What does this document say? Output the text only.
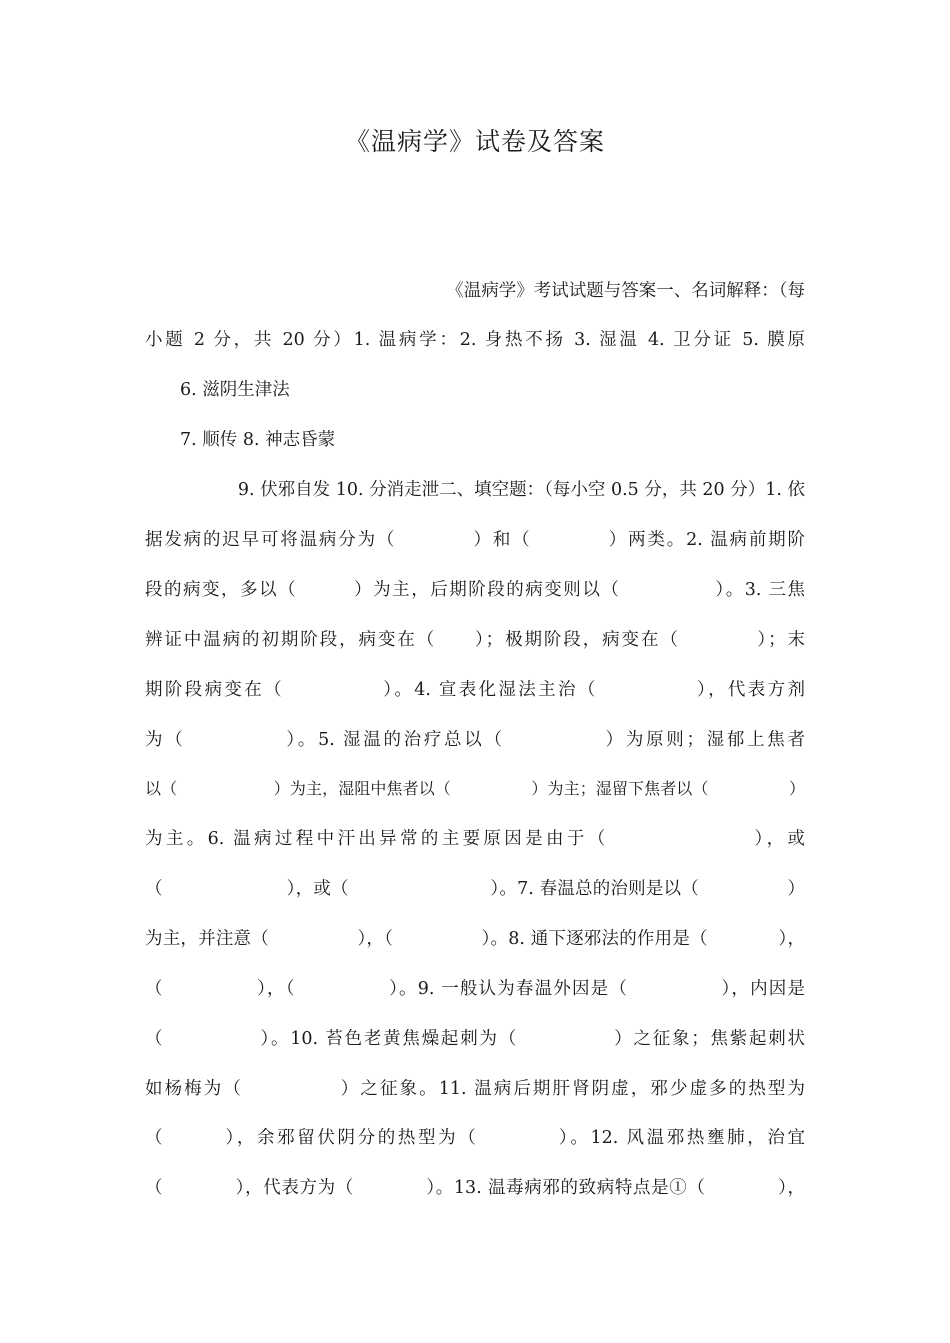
《温病学》试卷及答案

《温病学》考试试题与答案一、名词解释：（每

小题 2 分，共 20 分）1. 温病学：2. 身热不扬 3. 湿温 4. 卫分证 5. 膜原

6. 滋阴生津法

7. 顺传 8. 神志昏蒙

9. 伏邪自发 10. 分消走泄二、填空题：（每小空 0.5 分，共 20 分）1. 依

据发病的迟早可将温病分为（　　　　）和（　　　　）两类。2. 温病前期阶

段的病变，多以（　　　）为主，后期阶段的病变则以（　　　　　）。3. 三焦

辨证中温病的初期阶段，病变在（　　）；极期阶段，病变在（　　　　）；末

期阶段病变在（　　　　　）。4. 宣表化湿法主治（　　　　　），代表方剂

为（　　　　　）。5. 湿温的治疗总以（　　　　　）为原则；湿郁上焦者

以（　　　　　　）为主，湿阻中焦者以（　　　　　）为主；湿留下焦者以（　　　　　）

为主。6. 温病过程中汗出异常的主要原因是由于（　　　　　　　），或

（　　　　　　　），或（　　　　　　　　）。7. 春温总的治则是以（　　　　　）

为主，并注意（　　　　　），（　　　　　）。8. 通下逐邪法的作用是（　　　　），

（　　　　　），（　　　　　）。9. 一般认为春温外因是（　　　　　），内因是

（　　　　　）。10. 苔色老黄焦燥起刺为（　　　　　）之征象；焦紫起刺状

如杨梅为（　　　　　）之征象。11. 温病后期肝肾阴虚，邪少虚多的热型为

（　　　），余邪留伏阴分的热型为（　　　　）。12. 风温邪热壅肺，治宜

（　　　　），代表方为（　　　　）。13. 温毒病邪的致病特点是①（　　　　），
